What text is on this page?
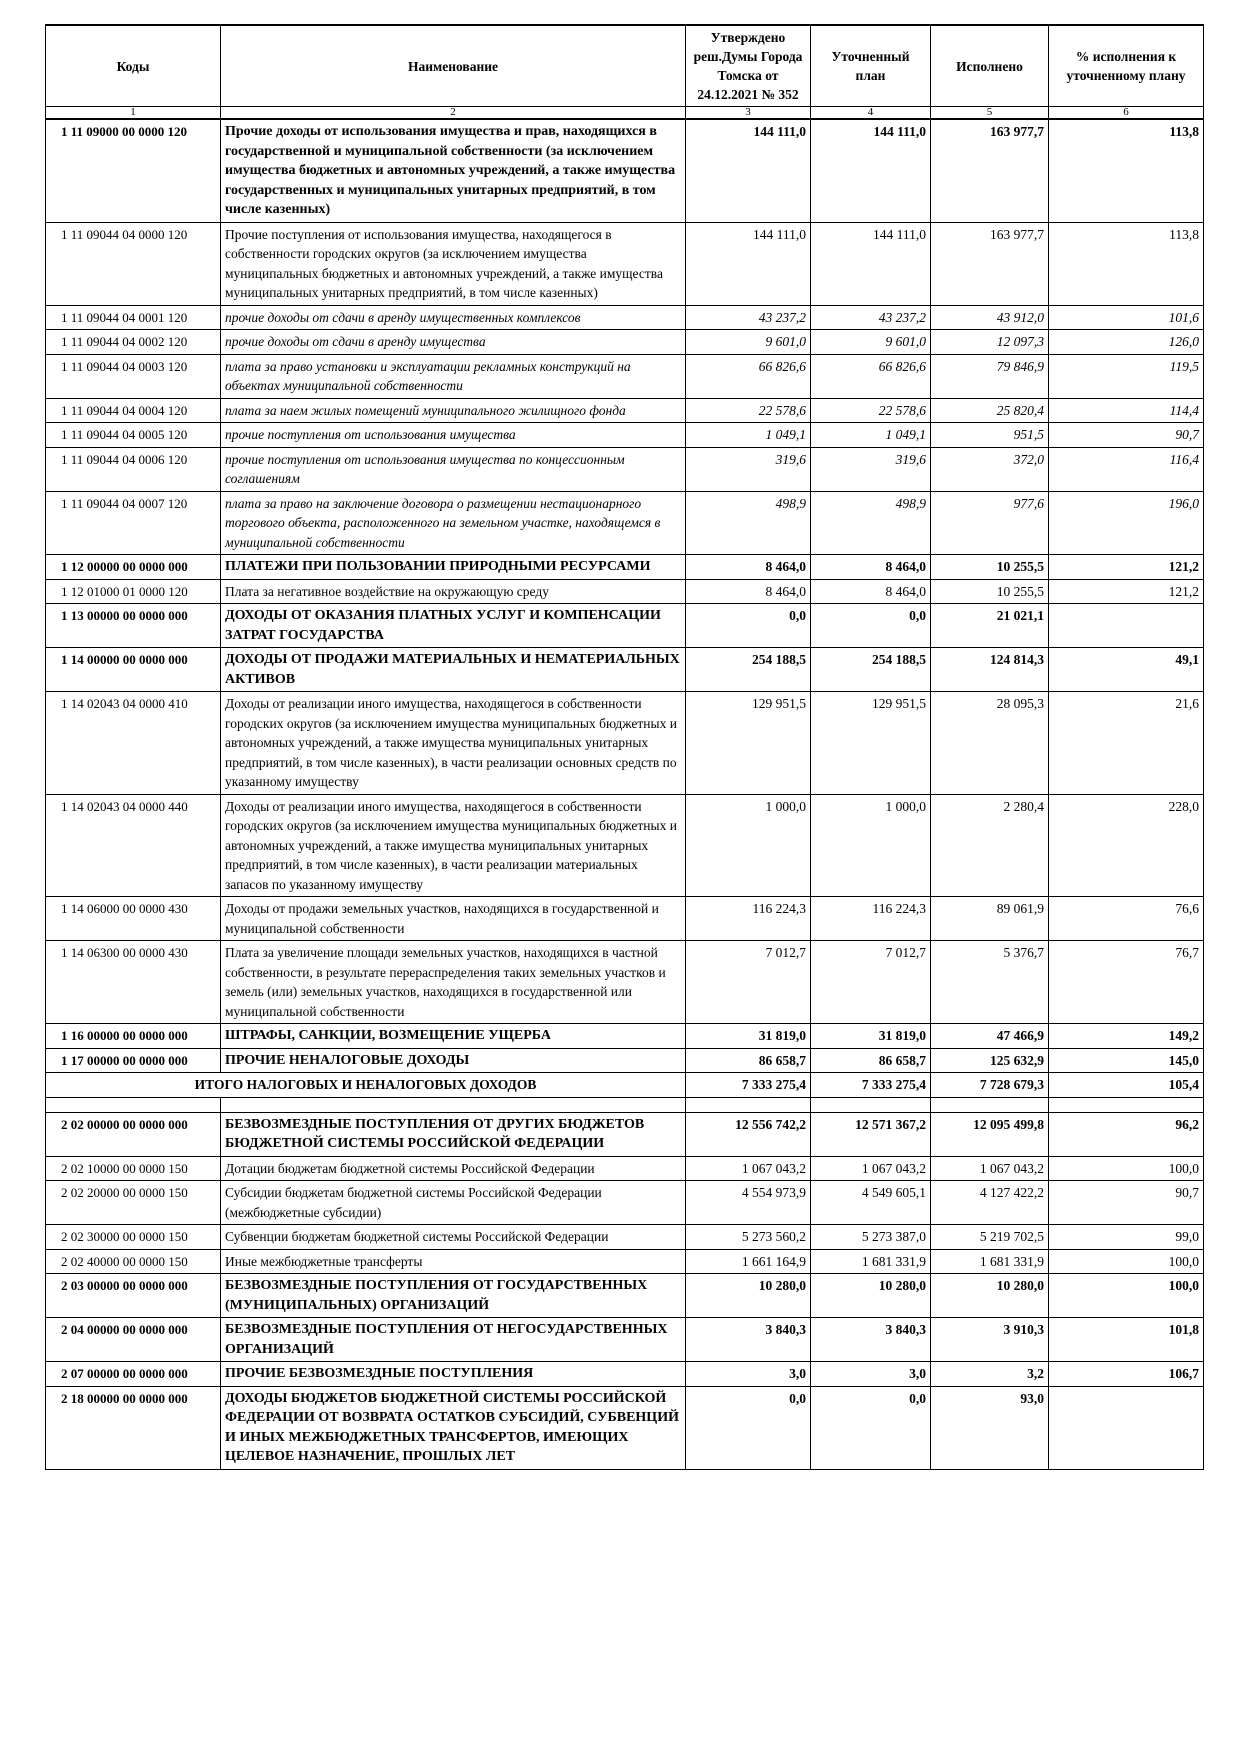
Коды	Наименование	Утверждено реш.Думы Города Томска от 24.12.2021 № 352	Уточненный план	Исполнено	% исполнения к уточненному плану
1	2	3	4	5	6
1 11 09000 00 0000 120	Прочие доходы от использования имущества и прав, находящихся в государственной и муниципальной собственности (за исключением имущества бюджетных и автономных учреждений, а также имущества государственных и муниципальных унитарных предприятий, в том числе казенных)	144 111,0	144 111,0	163 977,7	113,8
1 11 09044 04 0000 120	Прочие поступления от использования имущества, находящегося в собственности городских округов (за исключением имущества муниципальных бюджетных и автономных учреждений, а также имущества муниципальных унитарных предприятий, в том числе казенных)	144 111,0	144 111,0	163 977,7	113,8
1 11 09044 04 0001 120	прочие доходы от сдачи в аренду имущественных комплексов	43 237,2	43 237,2	43 912,0	101,6
1 11 09044 04 0002 120	прочие доходы от сдачи в аренду имущества	9 601,0	9 601,0	12 097,3	126,0
1 11 09044 04 0003 120	плата за право установки и эксплуатации рекламных конструкций на объектах муниципальной собственности	66 826,6	66 826,6	79 846,9	119,5
1 11 09044 04 0004 120	плата за наем жилых помещений муниципального жилищного фонда	22 578,6	22 578,6	25 820,4	114,4
1 11 09044 04 0005 120	прочие поступления от использования имущества	1 049,1	1 049,1	951,5	90,7
1 11 09044 04 0006 120	прочие поступления от использования имущества по концессионным соглашениям	319,6	319,6	372,0	116,4
1 11 09044 04 0007 120	плата за право на заключение договора о размещении нестационарного торгового объекта, расположенного на земельном участке, находящемся в муниципальной собственности	498,9	498,9	977,6	196,0
1 12 00000 00 0000 000	ПЛАТЕЖИ ПРИ ПОЛЬЗОВАНИИ ПРИРОДНЫМИ РЕСУРСАМИ	8 464,0	8 464,0	10 255,5	121,2
1 12 01000 01 0000 120	Плата за негативное воздействие на окружающую среду	8 464,0	8 464,0	10 255,5	121,2
1 13 00000 00 0000 000	ДОХОДЫ ОТ ОКАЗАНИЯ ПЛАТНЫХ УСЛУГ И КОМПЕНСАЦИИ ЗАТРАТ ГОСУДАРСТВА	0,0	0,0	21 021,1	
1 14 00000 00 0000 000	ДОХОДЫ ОТ ПРОДАЖИ МАТЕРИАЛЬНЫХ И НЕМАТЕРИАЛЬНЫХ АКТИВОВ	254 188,5	254 188,5	124 814,3	49,1
1 14 02043 04 0000 410	Доходы от реализации иного имущества, находящегося в собственности городских округов (за исключением имущества муниципальных бюджетных и автономных учреждений, а также имущества муниципальных унитарных предприятий, в том числе казенных), в части реализации основных средств по указанному имуществу	129 951,5	129 951,5	28 095,3	21,6
1 14 02043 04 0000 440	Доходы от реализации иного имущества, находящегося в собственности городских округов (за исключением имущества муниципальных бюджетных и автономных учреждений, а также имущества муниципальных унитарных предприятий, в том числе казенных), в части реализации материальных запасов по указанному имуществу	1 000,0	1 000,0	2 280,4	228,0
1 14 06000 00 0000 430	Доходы от продажи земельных участков, находящихся в государственной и муниципальной собственности	116 224,3	116 224,3	89 061,9	76,6
1 14 06300 00 0000 430	Плата за увеличение площади земельных участков, находящихся в частной собственности, в результате перераспределения таких земельных участков и земель (или) земельных участков, находящихся в государственной или муниципальной собственности	7 012,7	7 012,7	5 376,7	76,7
1 16 00000 00 0000 000	ШТРАФЫ, САНКЦИИ, ВОЗМЕЩЕНИЕ УЩЕРБА	31 819,0	31 819,0	47 466,9	149,2
1 17 00000 00 0000 000	ПРОЧИЕ НЕНАЛОГОВЫЕ ДОХОДЫ	86 658,7	86 658,7	125 632,9	145,0
ИТОГО НАЛОГОВЫХ И НЕНАЛОГОВЫХ ДОХОДОВ		7 333 275,4	7 333 275,4	7 728 679,3	105,4

2 02 00000 00 0000 000	БЕЗВОЗМЕЗДНЫЕ ПОСТУПЛЕНИЯ ОТ ДРУГИХ БЮДЖЕТОВ БЮДЖЕТНОЙ СИСТЕМЫ РОССИЙСКОЙ ФЕДЕРАЦИИ	12 556 742,2	12 571 367,2	12 095 499,8	96,2
2 02 10000 00 0000 150	Дотации бюджетам бюджетной системы Российской Федерации	1 067 043,2	1 067 043,2	1 067 043,2	100,0
2 02 20000 00 0000 150	Субсидии бюджетам бюджетной системы Российской Федерации (межбюджетные субсидии)	4 554 973,9	4 549 605,1	4 127 422,2	90,7
2 02 30000 00 0000 150	Субвенции бюджетам бюджетной системы Российской Федерации	5 273 560,2	5 273 387,0	5 219 702,5	99,0
2 02 40000 00 0000 150	Иные межбюджетные трансферты	1 661 164,9	1 681 331,9	1 681 331,9	100,0
2 03 00000 00 0000 000	БЕЗВОЗМЕЗДНЫЕ ПОСТУПЛЕНИЯ ОТ ГОСУДАРСТВЕННЫХ (МУНИЦИПАЛЬНЫХ) ОРГАНИЗАЦИЙ	10 280,0	10 280,0	10 280,0	100,0
2 04 00000 00 0000 000	БЕЗВОЗМЕЗДНЫЕ ПОСТУПЛЕНИЯ ОТ НЕГОСУДАРСТВЕННЫХ ОРГАНИЗАЦИЙ	3 840,3	3 840,3	3 910,3	101,8
2 07 00000 00 0000 000	ПРОЧИЕ БЕЗВОЗМЕЗДНЫЕ ПОСТУПЛЕНИЯ	3,0	3,0	3,2	106,7
2 18 00000 00 0000 000	ДОХОДЫ БЮДЖЕТОВ БЮДЖЕТНОЙ СИСТЕМЫ РОССИЙСКОЙ ФЕДЕРАЦИИ ОТ ВОЗВРАТА ОСТАТКОВ СУБСИДИЙ, СУБВЕНЦИЙ И ИНЫХ МЕЖБЮДЖЕТНЫХ ТРАНСФЕРТОВ, ИМЕЮЩИХ ЦЕЛЕВОЕ НАЗНАЧЕНИЕ, ПРОШЛЫХ ЛЕТ	0,0	0,0	93,0	
